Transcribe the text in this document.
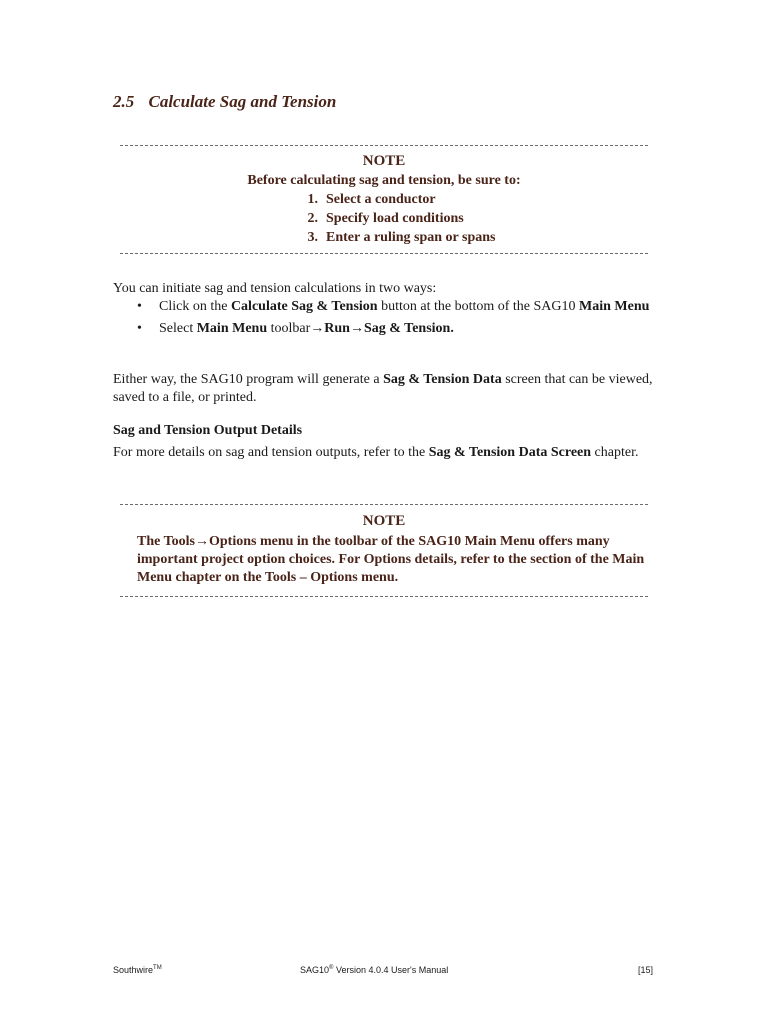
2.5 Calculate Sag and Tension

NOTE

Before calculating sag and tension, be sure to:

1. Select a conductor
2. Specify load conditions
3. Enter a ruling span or spans

You can initiate sag and tension calculations in two ways:

• Click on the Calculate Sag & Tension button at the bottom of the SAG10 Main Menu
• Select Main Menu toolbar→Run→Sag & Tension.

Either way, the SAG10 program will generate a Sag & Tension Data screen that can be viewed, saved to a file, or printed.

Sag and Tension Output Details

For more details on sag and tension outputs, refer to the Sag & Tension Data Screen chapter.

NOTE

The Tools→Options menu in the toolbar of the SAG10 Main Menu offers many important project option choices. For Options details, refer to the section of the Main Menu chapter on the Tools – Options menu.

Southwire™	SAG10® Version 4.0.4 User's Manual	[15]
